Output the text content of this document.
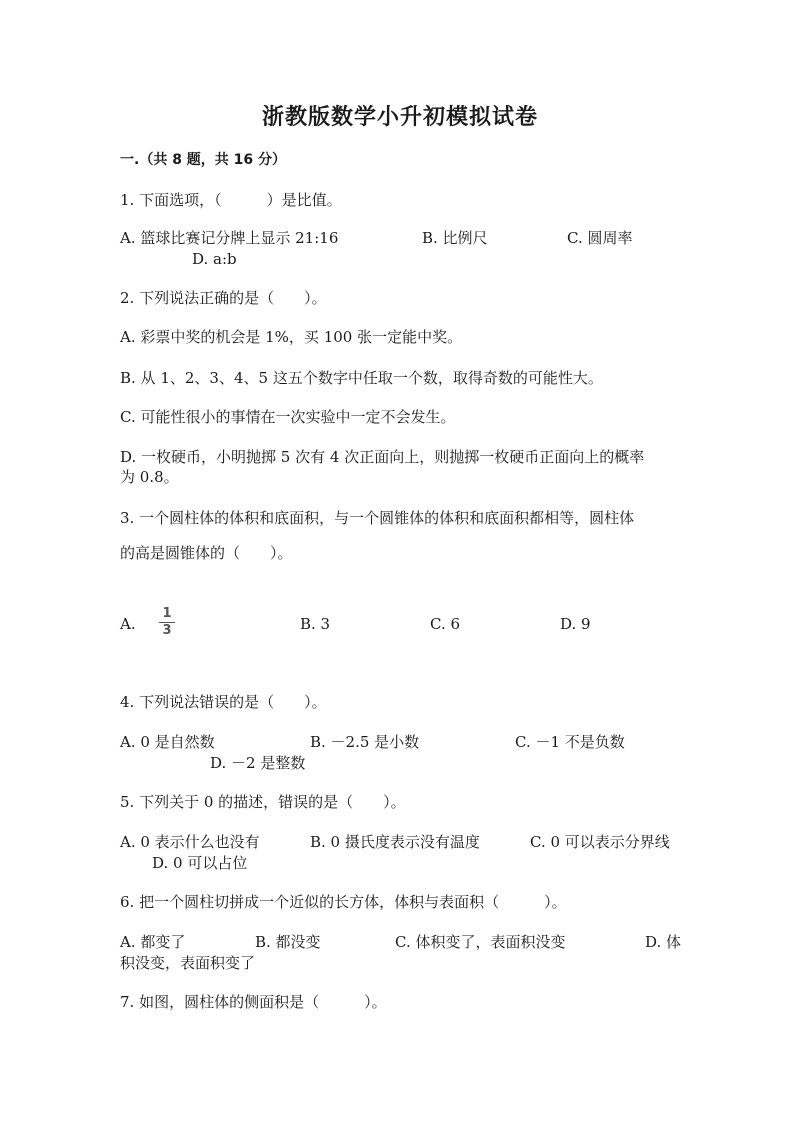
浙教版数学小升初模拟试卷
一.（共 8 题，共 16 分）
1. 下面选项，（　　　）是比值。
A. 篮球比赛记分牌上显示 21:16	B. 比例尺	C. 圆周率
D. a:b
2. 下列说法正确的是（　　）。
A. 彩票中奖的机会是 1%，买 100 张一定能中奖。
B. 从 1、2、3、4、5 这五个数字中任取一个数，取得奇数的可能性大。
C. 可能性很小的事情在一次实验中一定不会发生。
D. 一枚硬币，小明抛掷 5 次有 4 次正面向上，则抛掷一枚硬币正面向上的概率
为 0.8。
3. 一个圆柱体的体积和底面积，与一个圆锥体的体积和底面积都相等，圆柱体
的高是圆锥体的（　　）。
A.
1
3	B. 3	C. 6	D. 9
4. 下列说法错误的是（　　）。
A. 0 是自然数	B. －2.5 是小数	C. －1 不是负数
D. －2 是整数
5. 下列关于 0 的描述，错误的是（　　）。
A. 0 表示什么也没有	B. 0 摄氏度表示没有温度	C. 0 可以表示分界线
D. 0 可以占位
6. 把一个圆柱切拼成一个近似的长方体，体积与表面积（　　　）。
A. 都变了	B. 都没变	C. 体积变了，表面积没变	D. 体
积没变，表面积变了
7. 如图，圆柱体的侧面积是（　　　）。
